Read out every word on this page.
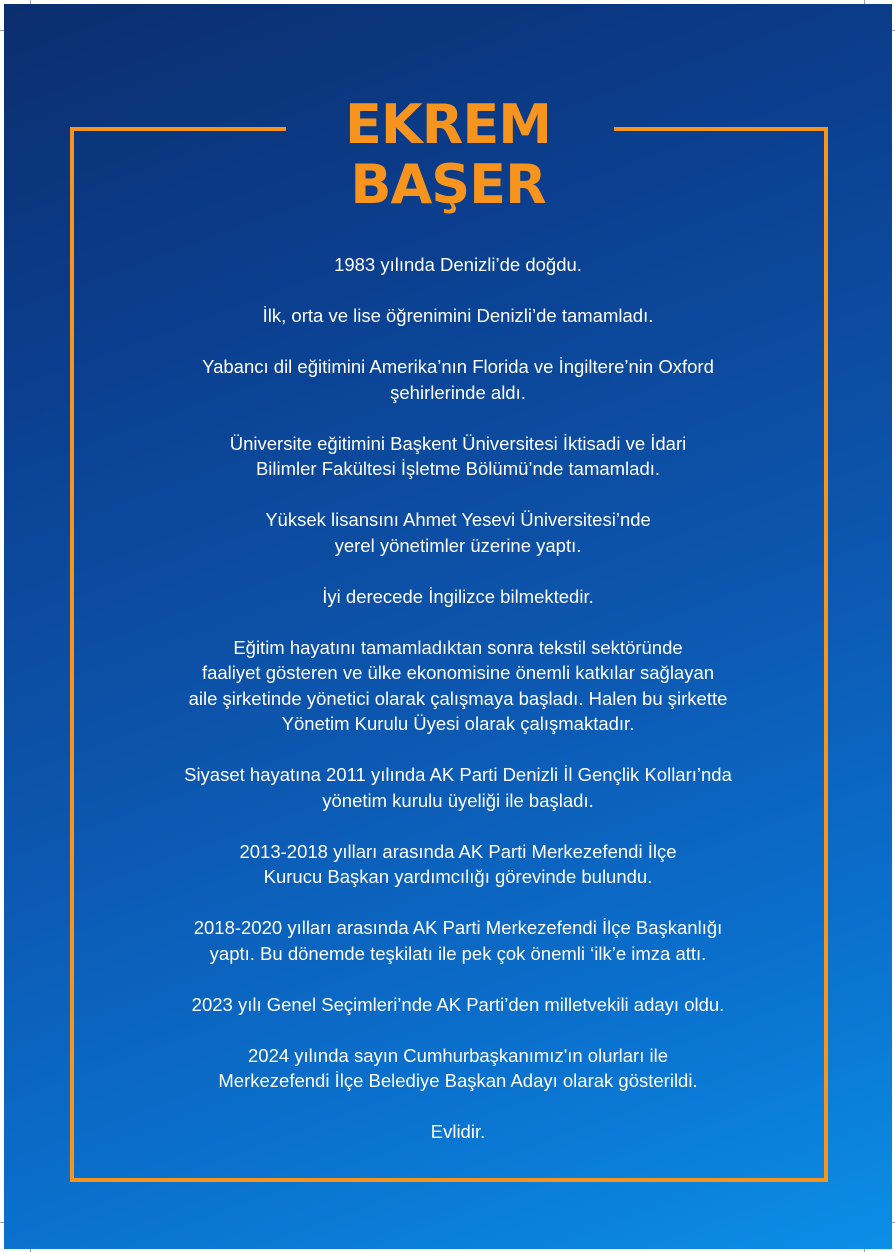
EKREM
BAŞER
1983 yılında Denizli’de doğdu.
İlk, orta ve lise öğrenimini Denizli’de tamamladı.
Yabancı dil eğitimini Amerika’nın Florida ve İngiltere’nin Oxford
şehirlerinde aldı.
Üniversite eğitimini Başkent Üniversitesi İktisadi ve İdari
Bilimler Fakültesi İşletme Bölümü’nde tamamladı.
Yüksek lisansını Ahmet Yesevi Üniversitesi’nde
yerel yönetimler üzerine yaptı.
İyi derecede İngilizce bilmektedir.
Eğitim hayatını tamamladıktan sonra tekstil sektöründe
faaliyet gösteren ve ülke ekonomisine önemli katkılar sağlayan
aile şirketinde yönetici olarak çalışmaya başladı. Halen bu şirkette
Yönetim Kurulu Üyesi olarak çalışmaktadır.
Siyaset hayatına 2011 yılında AK Parti Denizli İl Gençlik Kolları’nda
yönetim kurulu üyeliği ile başladı.
2013-2018 yılları arasında AK Parti Merkezefendi İlçe
Kurucu Başkan yardımcılığı görevinde bulundu.
2018-2020 yılları arasında AK Parti Merkezefendi İlçe Başkanlığı
yaptı. Bu dönemde teşkilatı ile pek çok önemli ‘ilk’e imza attı.
2023 yılı Genel Seçimleri’nde AK Parti’den milletvekili adayı oldu.
2024 yılında sayın Cumhurbaşkanımız'ın olurları ile
Merkezefendi İlçe Belediye Başkan Adayı olarak gösterildi.
Evlidir.
